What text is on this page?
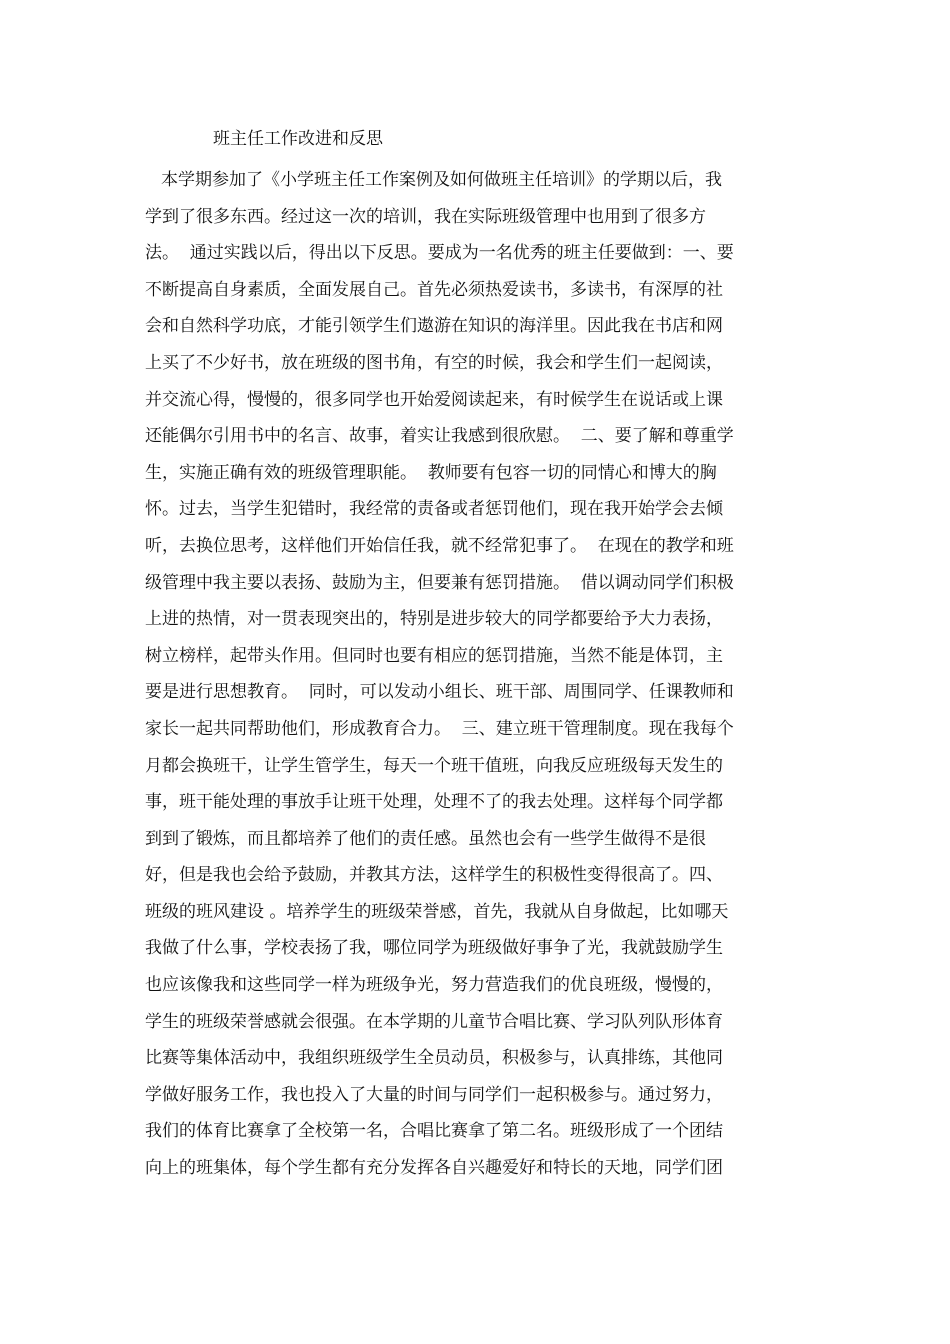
班主任工作改进和反思
本学期参加了《小学班主任工作案例及如何做班主任培训》的学期以后，我
学到了很多东西。经过这一次的培训，我在实际班级管理中也用到了很多方
法。  通过实践以后，得出以下反思。要成为一名优秀的班主任要做到：一、要
不断提高自身素质，全面发展自己。首先必须热爱读书，多读书，有深厚的社
会和自然科学功底，才能引领学生们遨游在知识的海洋里。因此我在书店和网
上买了不少好书，放在班级的图书角，有空的时候，我会和学生们一起阅读，
并交流心得，慢慢的，很多同学也开始爱阅读起来，有时候学生在说话或上课
还能偶尔引用书中的名言、故事，着实让我感到很欣慰。  二、要了解和尊重学
生，实施正确有效的班级管理职能。  教师要有包容一切的同情心和博大的胸
怀。过去，当学生犯错时，我经常的责备或者惩罚他们，现在我开始学会去倾
听，去换位思考，这样他们开始信任我，就不经常犯事了。  在现在的教学和班
级管理中我主要以表扬、鼓励为主，但要兼有惩罚措施。  借以调动同学们积极
上进的热情，对一贯表现突出的，特别是进步较大的同学都要给予大力表扬，
树立榜样，起带头作用。但同时也要有相应的惩罚措施，当然不能是体罚，主
要是进行思想教育。  同时，可以发动小组长、班干部、周围同学、任课教师和
家长一起共同帮助他们，形成教育合力。  三、建立班干管理制度。现在我每个
月都会换班干，让学生管学生，每天一个班干值班，向我反应班级每天发生的
事，班干能处理的事放手让班干处理，处理不了的我去处理。这样每个同学都
到到了锻炼，而且都培养了他们的责任感。虽然也会有一些学生做得不是很
好，但是我也会给予鼓励，并教其方法，这样学生的积极性变得很高了。四、
班级的班风建设 。培养学生的班级荣誉感，首先，我就从自身做起，比如哪天
我做了什么事，学校表扬了我，哪位同学为班级做好事争了光，我就鼓励学生
也应该像我和这些同学一样为班级争光，努力营造我们的优良班级，慢慢的，
学生的班级荣誉感就会很强。在本学期的儿童节合唱比赛、学习队列队形体育
比赛等集体活动中，我组织班级学生全员动员，积极参与，认真排练，其他同
学做好服务工作，我也投入了大量的时间与同学们一起积极参与。通过努力，
我们的体育比赛拿了全校第一名，合唱比赛拿了第二名。班级形成了一个团结
向上的班集体，每个学生都有充分发挥各自兴趣爱好和特长的天地，同学们团
